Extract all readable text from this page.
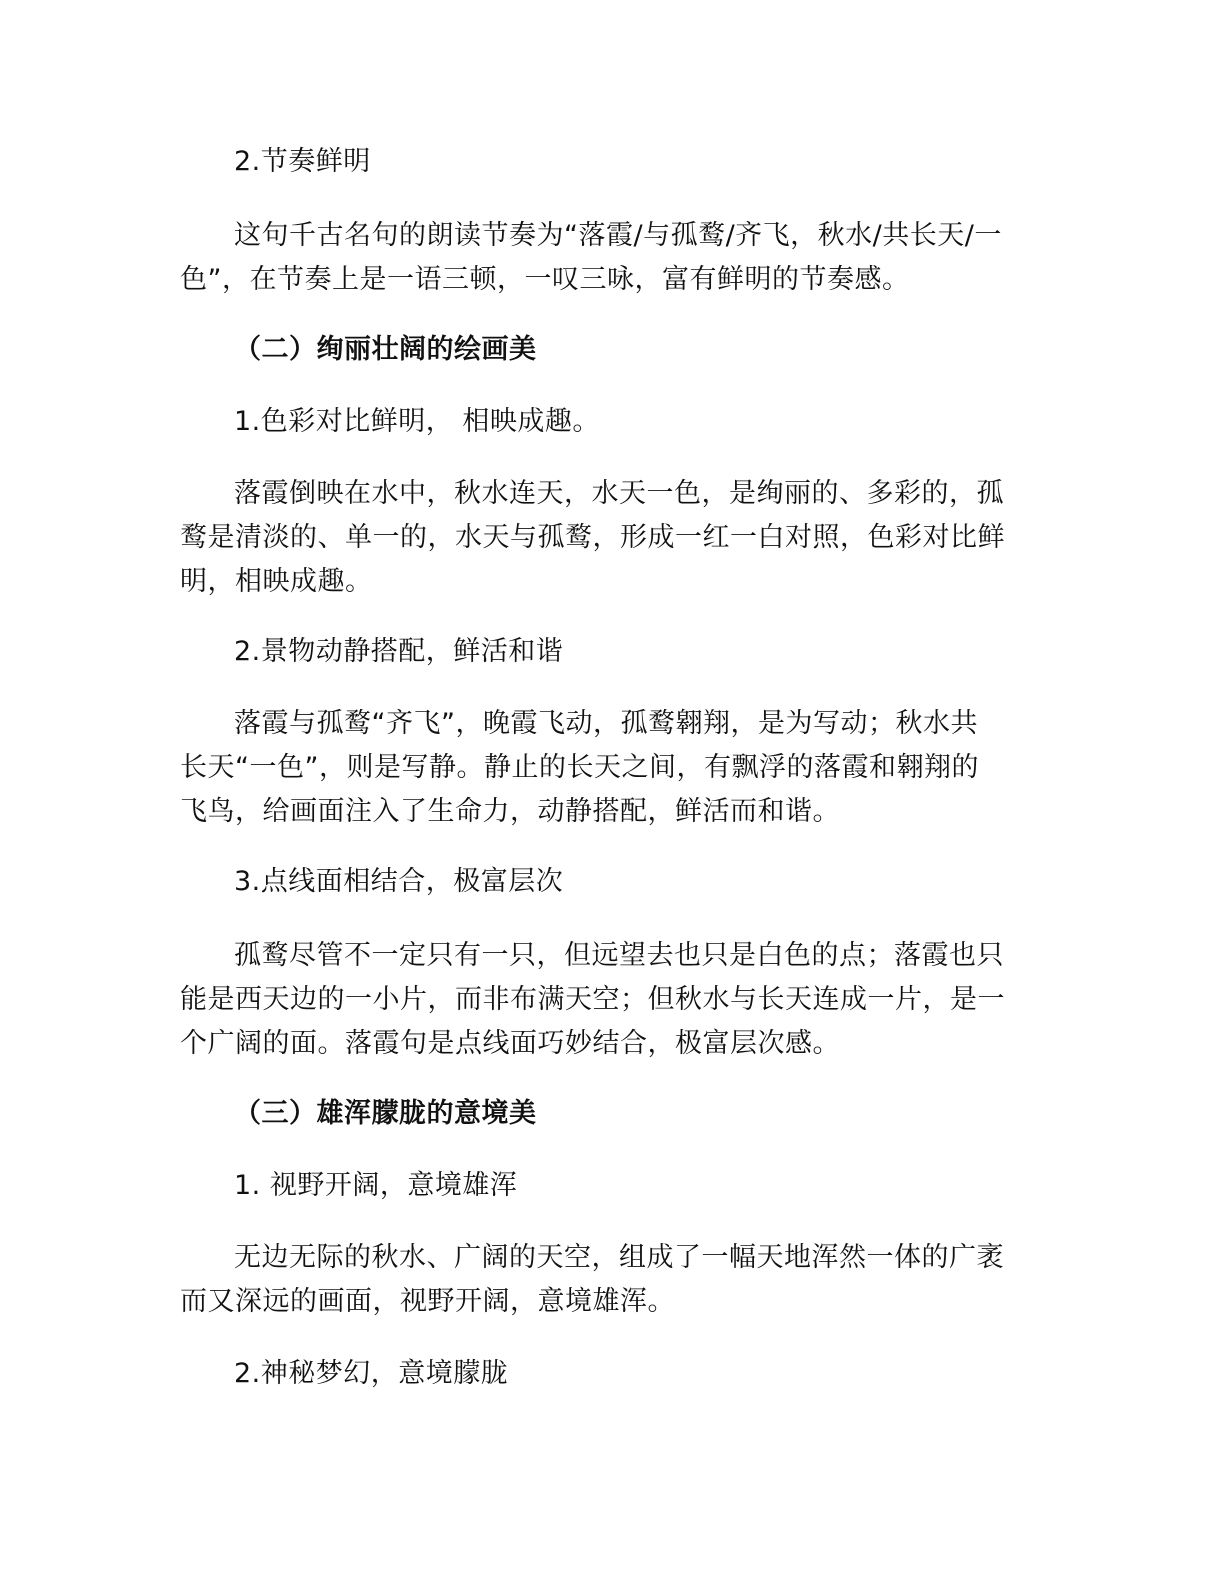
2.节奏鲜明
这句千古名句的朗读节奏为“落霞/与孤鹜/齐飞，秋水/共长天/一
色”，在节奏上是一语三顿，一叹三咏，富有鲜明的节奏感。
（二）绚丽壮阔的绘画美
1.色彩对比鲜明， 相映成趣。
落霞倒映在水中，秋水连天，水天一色，是绚丽的、多彩的，孤
鹜是清淡的、单一的，水天与孤鹜，形成一红一白对照，色彩对比鲜
明，相映成趣。
2.景物动静搭配，鲜活和谐
落霞与孤鹜“齐飞”，晚霞飞动，孤鹜翱翔，是为写动；秋水共
长天“一色”，则是写静。静止的长天之间，有飘浮的落霞和翱翔的
飞鸟，给画面注入了生命力，动静搭配，鲜活而和谐。
3.点线面相结合，极富层次
孤鹜尽管不一定只有一只，但远望去也只是白色的点；落霞也只
能是西天边的一小片，而非布满天空；但秋水与长天连成一片，是一
个广阔的面。落霞句是点线面巧妙结合，极富层次感。
（三）雄浑朦胧的意境美
1. 视野开阔，意境雄浑
无边无际的秋水、广阔的天空，组成了一幅天地浑然一体的广袤
而又深远的画面，视野开阔，意境雄浑。
2.神秘梦幻，意境朦胧
